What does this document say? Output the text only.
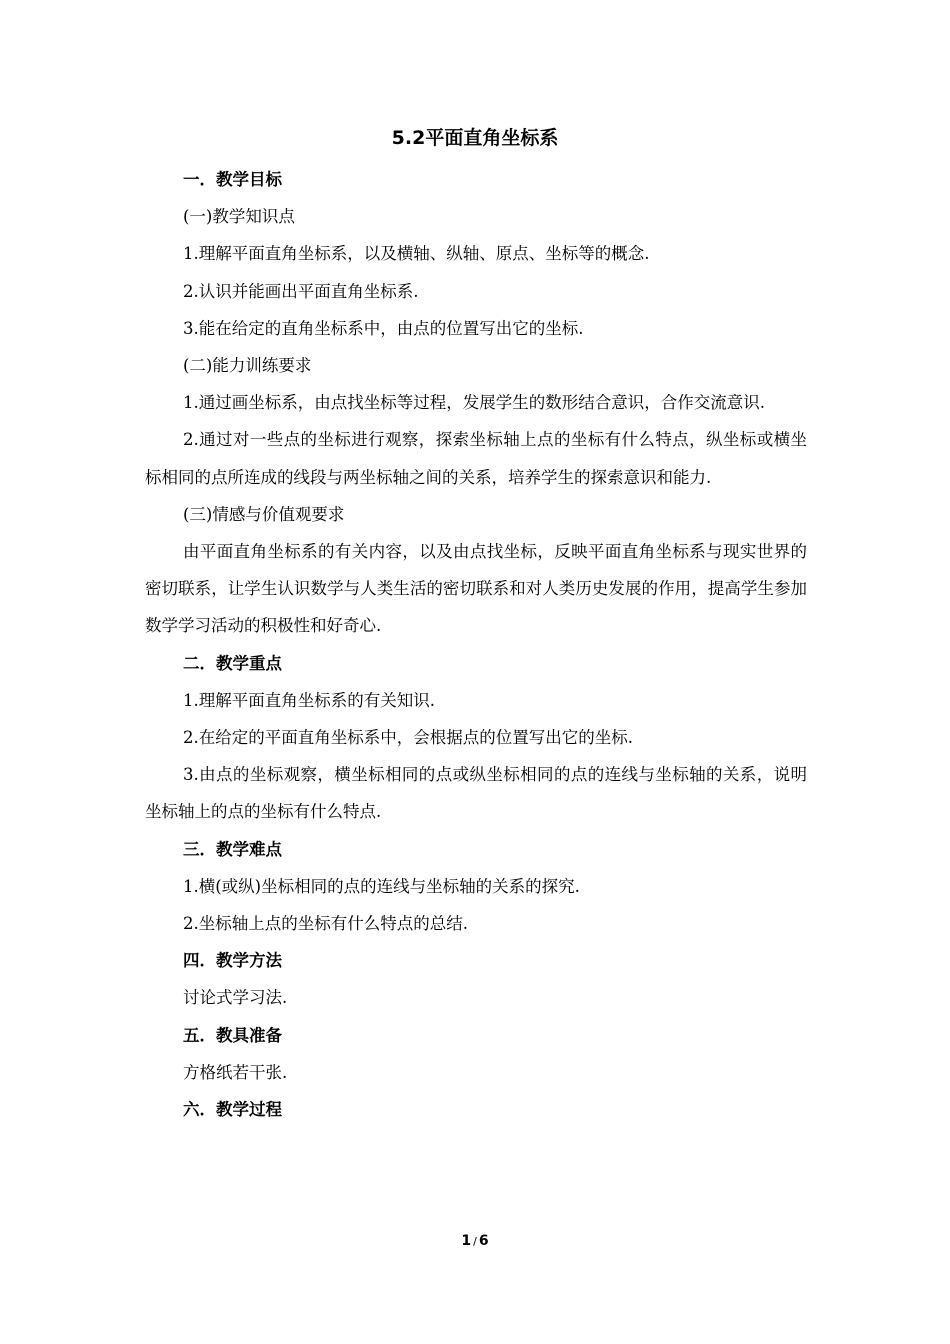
5.2平面直角坐标系

一．教学目标

(一)教学知识点

1.理解平面直角坐标系，以及横轴、纵轴、原点、坐标等的概念.

2.认识并能画出平面直角坐标系.

3.能在给定的直角坐标系中，由点的位置写出它的坐标.

(二)能力训练要求

1.通过画坐标系，由点找坐标等过程，发展学生的数形结合意识，合作交流意识.

2.通过对一些点的坐标进行观察，探索坐标轴上点的坐标有什么特点，纵坐标或横坐标相同的点所连成的线段与两坐标轴之间的关系，培养学生的探索意识和能力.

(三)情感与价值观要求

由平面直角坐标系的有关内容，以及由点找坐标，反映平面直角坐标系与现实世界的密切联系，让学生认识数学与人类生活的密切联系和对人类历史发展的作用，提高学生参加数学学习活动的积极性和好奇心.

二．教学重点

1.理解平面直角坐标系的有关知识.

2.在给定的平面直角坐标系中，会根据点的位置写出它的坐标.

3.由点的坐标观察，横坐标相同的点或纵坐标相同的点的连线与坐标轴的关系，说明坐标轴上的点的坐标有什么特点.

三．教学难点

1.横(或纵)坐标相同的点的连线与坐标轴的关系的探究.

2.坐标轴上点的坐标有什么特点的总结.

四．教学方法

讨论式学习法.

五．教具准备

方格纸若干张.

六．教学过程

1 / 6
